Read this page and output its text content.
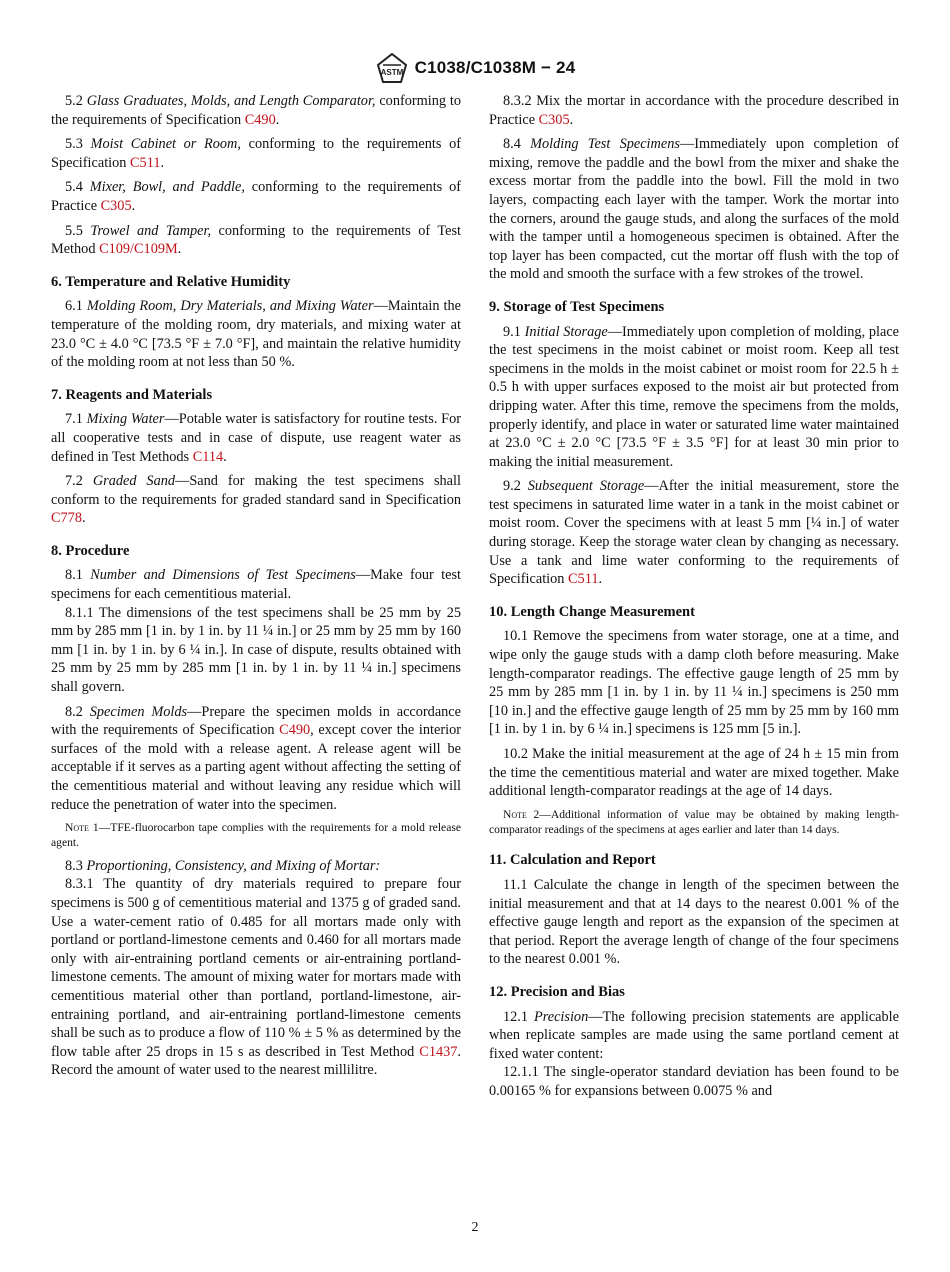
ASTM C1038/C1038M − 24

5.2 Glass Graduates, Molds, and Length Comparator, conforming to the requirements of Specification C490.

5.3 Moist Cabinet or Room, conforming to the requirements of Specification C511.

5.4 Mixer, Bowl, and Paddle, conforming to the requirements of Practice C305.

5.5 Trowel and Tamper, conforming to the requirements of Test Method C109/C109M.

6. Temperature and Relative Humidity

6.1 Molding Room, Dry Materials, and Mixing Water—Maintain the temperature of the molding room, dry materials, and mixing water at 23.0 °C ± 4.0 °C [73.5 °F ± 7.0 °F], and maintain the relative humidity of the molding room at not less than 50 %.

7. Reagents and Materials

7.1 Mixing Water—Potable water is satisfactory for routine tests. For all cooperative tests and in case of dispute, use reagent water as defined in Test Methods C114.

7.2 Graded Sand—Sand for making the test specimens shall conform to the requirements for graded standard sand in Specification C778.

8. Procedure

8.1 Number and Dimensions of Test Specimens—Make four test specimens for each cementitious material.

8.1.1 The dimensions of the test specimens shall be 25 mm by 25 mm by 285 mm [1 in. by 1 in. by 11 ¼ in.] or 25 mm by 25 mm by 160 mm [1 in. by 1 in. by 6 ¼ in.]. In case of dispute, results obtained with 25 mm by 25 mm by 285 mm [1 in. by 1 in. by 11 ¼ in.] specimens shall govern.

8.2 Specimen Molds—Prepare the specimen molds in accordance with the requirements of Specification C490, except cover the interior surfaces of the mold with a release agent. A release agent will be acceptable if it serves as a parting agent without affecting the setting of the cementitious material and without leaving any residue which will reduce the penetration of water into the specimen.

Note 1—TFE-fluorocarbon tape complies with the requirements for a mold release agent.

8.3 Proportioning, Consistency, and Mixing of Mortar:

8.3.1 The quantity of dry materials required to prepare four specimens is 500 g of cementitious material and 1375 g of graded sand. Use a water-cement ratio of 0.485 for all mortars made only with portland or portland-limestone cements and 0.460 for all mortars made only with air-entraining portland cements or air-entraining portland-limestone cements. The amount of mixing water for mortars made with cementitious material other than portland, portland-limestone, air-entraining portland, and air-entraining portland-limestone cements shall be such as to produce a flow of 110 % ± 5 % as determined by the flow table after 25 drops in 15 s as described in Test Method C1437. Record the amount of water used to the nearest millilitre.

8.3.2 Mix the mortar in accordance with the procedure described in Practice C305.

8.4 Molding Test Specimens—Immediately upon completion of mixing, remove the paddle and the bowl from the mixer and shake the excess mortar from the paddle into the bowl. Fill the mold in two layers, compacting each layer with the tamper. Work the mortar into the corners, around the gauge studs, and along the surfaces of the mold with the tamper until a homogeneous specimen is obtained. After the top layer has been compacted, cut the mortar off flush with the top of the mold and smooth the surface with a few strokes of the trowel.

9. Storage of Test Specimens

9.1 Initial Storage—Immediately upon completion of molding, place the test specimens in the moist cabinet or moist room. Keep all test specimens in the molds in the moist cabinet or moist room for 22.5 h ± 0.5 h with upper surfaces exposed to the moist air but protected from dripping water. After this time, remove the specimens from the molds, properly identify, and place in water or saturated lime water maintained at 23.0 °C ± 2.0 °C [73.5 °F ± 3.5 °F] for at least 30 min prior to making the initial measurement.

9.2 Subsequent Storage—After the initial measurement, store the test specimens in saturated lime water in a tank in the moist cabinet or moist room. Cover the specimens with at least 5 mm [¼ in.] of water during storage. Keep the storage water clean by changing as necessary. Use a tank and lime water conforming to the requirements of Specification C511.

10. Length Change Measurement

10.1 Remove the specimens from water storage, one at a time, and wipe only the gauge studs with a damp cloth before measuring. Make length-comparator readings. The effective gauge length of 25 mm by 25 mm by 285 mm [1 in. by 1 in. by 11 ¼ in.] specimens is 250 mm [10 in.] and the effective gauge length of 25 mm by 25 mm by 160 mm [1 in. by 1 in. by 6 ¼ in.] specimens is 125 mm [5 in.].

10.2 Make the initial measurement at the age of 24 h ± 15 min from the time the cementitious material and water are mixed together. Make additional length-comparator readings at the age of 14 days.

Note 2—Additional information of value may be obtained by making length-comparator readings of the specimens at ages earlier and later than 14 days.

11. Calculation and Report

11.1 Calculate the change in length of the specimen between the initial measurement and that at 14 days to the nearest 0.001 % of the effective gauge length and report as the expansion of the specimen at that period. Report the average length of change of the four specimens to the nearest 0.001 %.

12. Precision and Bias

12.1 Precision—The following precision statements are applicable when replicate samples are made using the same portland cement at fixed water content:

12.1.1 The single-operator standard deviation has been found to be 0.00165 % for expansions between 0.0075 % and

2
